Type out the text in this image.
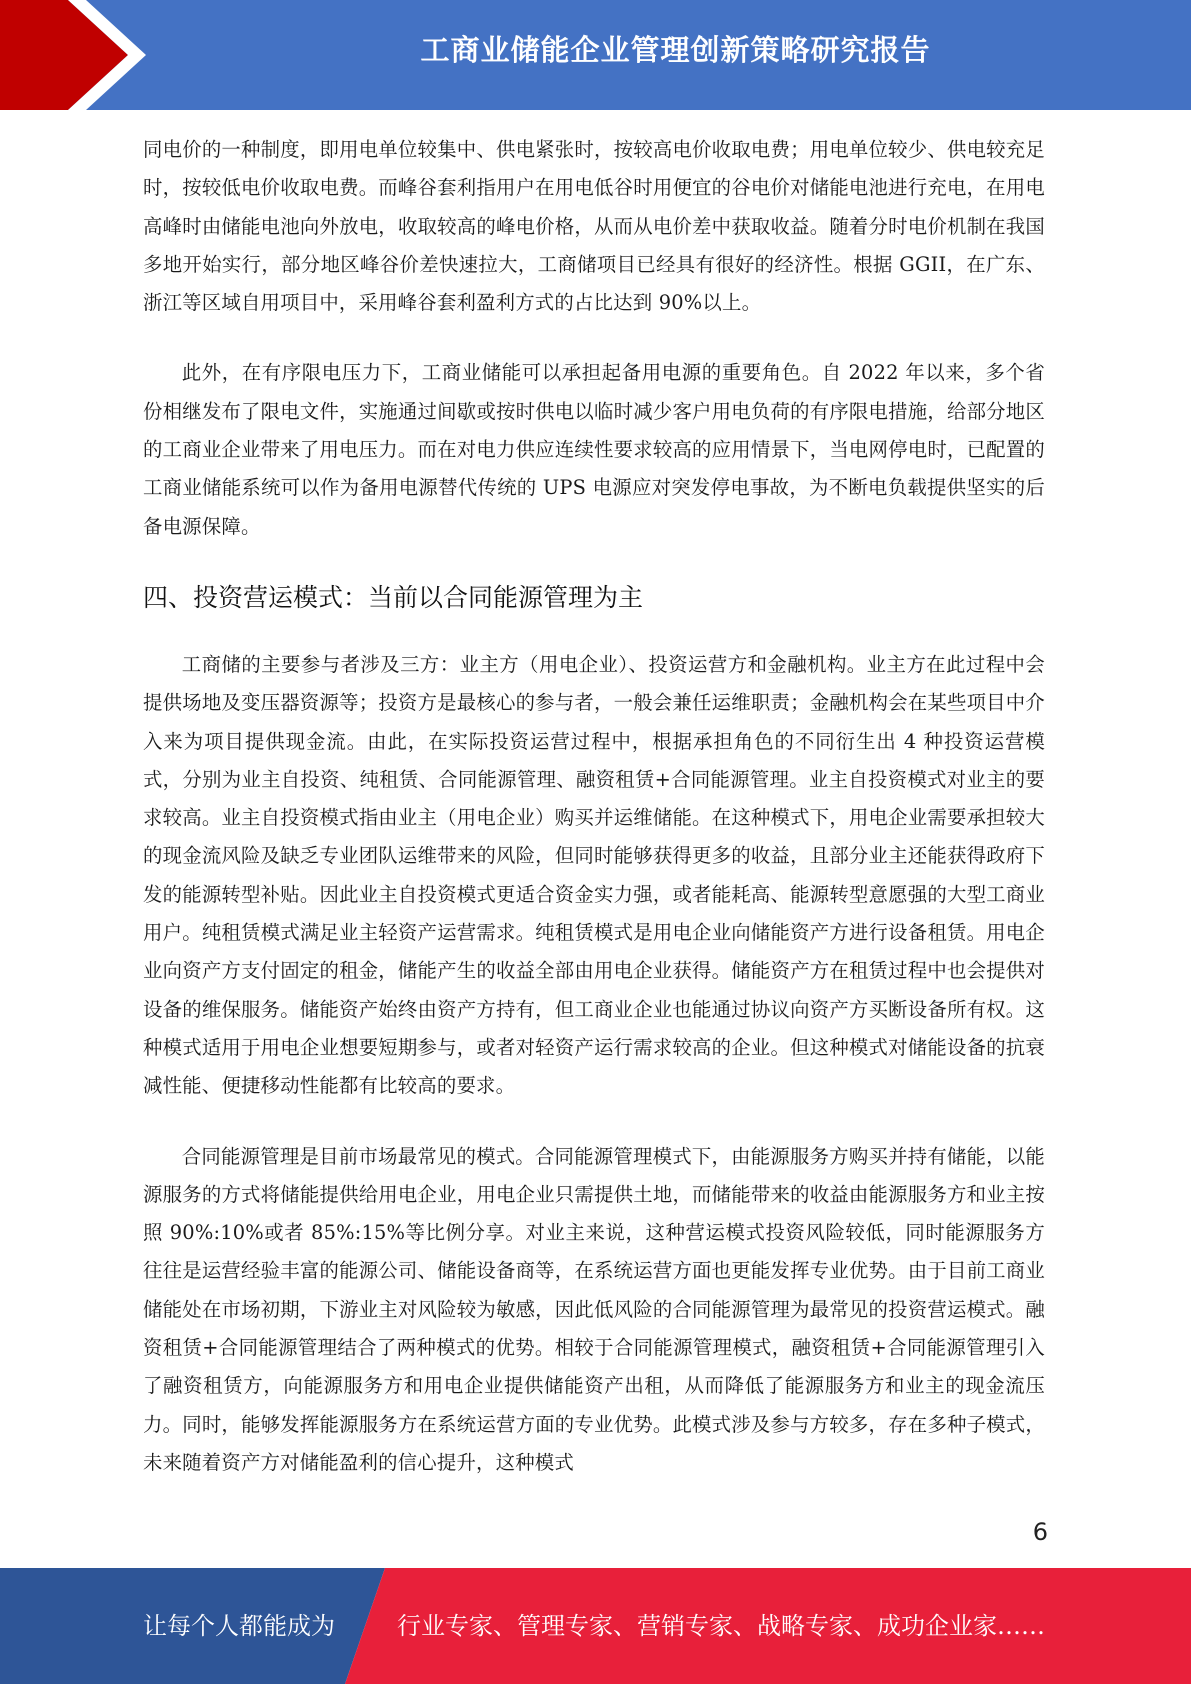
工商业储能企业管理创新策略研究报告

同电价的一种制度，即用电单位较集中、供电紧张时，按较高电价收取电费；用电单位较少、供电较充足时，按较低电价收取电费。而峰谷套利指用户在用电低谷时用便宜的谷电价对储能电池进行充电，在用电高峰时由储能电池向外放电，收取较高的峰电价格，从而从电价差中获取收益。随着分时电价机制在我国多地开始实行，部分地区峰谷价差快速拉大，工商储项目已经具有很好的经济性。根据 GGII，在广东、浙江等区域自用项目中，采用峰谷套利盈利方式的占比达到 90%以上。

此外，在有序限电压力下，工商业储能可以承担起备用电源的重要角色。自 2022 年以来，多个省份相继发布了限电文件，实施通过间歇或按时供电以临时减少客户用电负荷的有序限电措施，给部分地区的工商业企业带来了用电压力。而在对电力供应连续性要求较高的应用情景下，当电网停电时，已配置的工商业储能系统可以作为备用电源替代传统的 UPS 电源应对突发停电事故，为不断电负载提供坚实的后备电源保障。

四、投资营运模式：当前以合同能源管理为主

工商储的主要参与者涉及三方：业主方（用电企业）、投资运营方和金融机构。业主方在此过程中会提供场地及变压器资源等；投资方是最核心的参与者，一般会兼任运维职责；金融机构会在某些项目中介入来为项目提供现金流。由此，在实际投资运营过程中，根据承担角色的不同衍生出 4 种投资运营模式，分别为业主自投资、纯租赁、合同能源管理、融资租赁+合同能源管理。业主自投资模式对业主的要求较高。业主自投资模式指由业主（用电企业）购买并运维储能。在这种模式下，用电企业需要承担较大的现金流风险及缺乏专业团队运维带来的风险，但同时能够获得更多的收益，且部分业主还能获得政府下发的能源转型补贴。因此业主自投资模式更适合资金实力强，或者能耗高、能源转型意愿强的大型工商业用户。纯租赁模式满足业主轻资产运营需求。纯租赁模式是用电企业向储能资产方进行设备租赁。用电企业向资产方支付固定的租金，储能产生的收益全部由用电企业获得。储能资产方在租赁过程中也会提供对设备的维保服务。储能资产始终由资产方持有，但工商业企业也能通过协议向资产方买断设备所有权。这种模式适用于用电企业想要短期参与，或者对轻资产运行需求较高的企业。但这种模式对储能设备的抗衰减性能、便捷移动性能都有比较高的要求。

合同能源管理是目前市场最常见的模式。合同能源管理模式下，由能源服务方购买并持有储能，以能源服务的方式将储能提供给用电企业，用电企业只需提供土地，而储能带来的收益由能源服务方和业主按照 90%:10%或者 85%:15%等比例分享。对业主来说，这种营运模式投资风险较低，同时能源服务方往往是运营经验丰富的能源公司、储能设备商等，在系统运营方面也更能发挥专业优势。由于目前工商业储能处在市场初期，下游业主对风险较为敏感，因此低风险的合同能源管理为最常见的投资营运模式。融资租赁+合同能源管理结合了两种模式的优势。相较于合同能源管理模式，融资租赁+合同能源管理引入了融资租赁方，向能源服务方和用电企业提供储能资产出租，从而降低了能源服务方和业主的现金流压力。同时，能够发挥能源服务方在系统运营方面的专业优势。此模式涉及参与方较多，存在多种子模式，未来随着资产方对储能盈利的信心提升，这种模式

6
让每个人都能成为	行业专家、管理专家、营销专家、战略专家、成功企业家……
